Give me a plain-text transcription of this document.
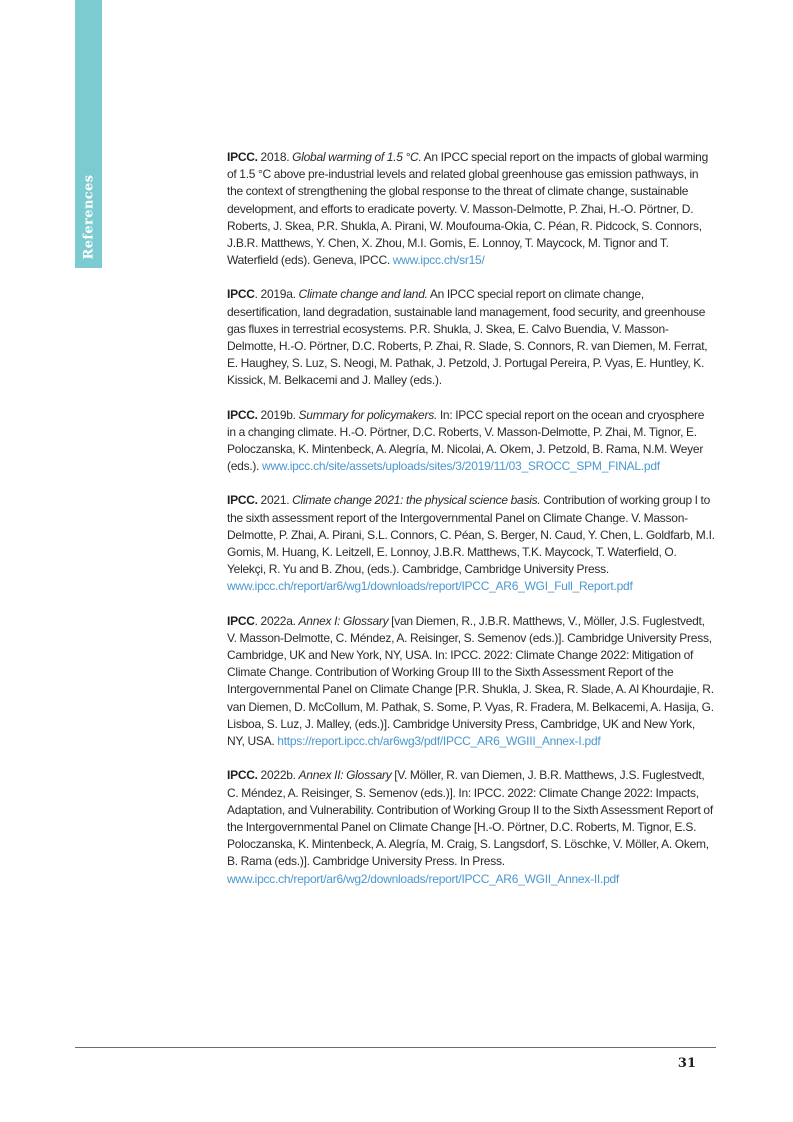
References

IPCC. 2018. Global warming of 1.5 °C. An IPCC special report on the impacts of global warming of 1.5 °C above pre-industrial levels and related global greenhouse gas emission pathways, in the context of strengthening the global response to the threat of climate change, sustainable development, and efforts to eradicate poverty. V. Masson-Delmotte, P. Zhai, H.-O. Pörtner, D. Roberts, J. Skea, P.R. Shukla, A. Pirani, W. Moufouma-Okia, C. Péan, R. Pidcock, S. Connors, J.B.R. Matthews, Y. Chen, X. Zhou, M.I. Gomis, E. Lonnoy, T. Maycock, M. Tignor and T. Waterfield (eds). Geneva, IPCC. www.ipcc.ch/sr15/

IPCC. 2019a. Climate change and land. An IPCC special report on climate change, desertification, land degradation, sustainable land management, food security, and greenhouse gas fluxes in terrestrial ecosystems. P.R. Shukla, J. Skea, E. Calvo Buendia, V. Masson-Delmotte, H.-O. Pörtner, D.C. Roberts, P. Zhai, R. Slade, S. Connors, R. van Diemen, M. Ferrat, E. Haughey, S. Luz, S. Neogi, M. Pathak, J. Petzold, J. Portugal Pereira, P. Vyas, E. Huntley, K. Kissick, M. Belkacemi and J. Malley (eds.).

IPCC. 2019b. Summary for policymakers. In: IPCC special report on the ocean and cryosphere in a changing climate. H.-O. Pörtner, D.C. Roberts, V. Masson-Delmotte, P. Zhai, M. Tignor, E. Poloczanska, K. Mintenbeck, A. Alegría, M. Nicolai, A. Okem, J. Petzold, B. Rama, N.M. Weyer (eds.). www.ipcc.ch/site/assets/uploads/sites/3/2019/11/03_SROCC_SPM_FINAL.pdf

IPCC. 2021. Climate change 2021: the physical science basis. Contribution of working group I to the sixth assessment report of the Intergovernmental Panel on Climate Change. V. Masson-Delmotte, P. Zhai, A. Pirani, S.L. Connors, C. Péan, S. Berger, N. Caud, Y. Chen, L. Goldfarb, M.I. Gomis, M. Huang, K. Leitzell, E. Lonnoy, J.B.R. Matthews, T.K. Maycock, T. Waterfield, O. Yelekçi, R. Yu and B. Zhou, (eds.). Cambridge, Cambridge University Press. www.ipcc.ch/report/ar6/wg1/downloads/report/IPCC_AR6_WGI_Full_Report.pdf

IPCC. 2022a. Annex I: Glossary [van Diemen, R., J.B.R. Matthews, V., Möller, J.S. Fuglestvedt, V. Masson-Delmotte, C. Méndez, A. Reisinger, S. Semenov (eds.)]. Cambridge University Press, Cambridge, UK and New York, NY, USA. In: IPCC. 2022: Climate Change 2022: Mitigation of Climate Change. Contribution of Working Group III to the Sixth Assessment Report of the Intergovernmental Panel on Climate Change [P.R. Shukla, J. Skea, R. Slade, A. Al Khourdajie, R. van Diemen, D. McCollum, M. Pathak, S. Some, P. Vyas, R. Fradera, M. Belkacemi, A. Hasija, G. Lisboa, S. Luz, J. Malley, (eds.)]. Cambridge University Press, Cambridge, UK and New York, NY, USA. https://report.ipcc.ch/ar6wg3/pdf/IPCC_AR6_WGIII_Annex-I.pdf

IPCC. 2022b. Annex II: Glossary [V. Möller, R. van Diemen, J. B.R. Matthews, J.S. Fuglestvedt, C. Méndez, A. Reisinger, S. Semenov (eds.)]. In: IPCC. 2022: Climate Change 2022: Impacts, Adaptation, and Vulnerability. Contribution of Working Group II to the Sixth Assessment Report of the Intergovernmental Panel on Climate Change [H.-O. Pörtner, D.C. Roberts, M. Tignor, E.S. Poloczanska, K. Mintenbeck, A. Alegría, M. Craig, S. Langsdorf, S. Löschke, V. Möller, A. Okem, B. Rama (eds.)]. Cambridge University Press. In Press. www.ipcc.ch/report/ar6/wg2/downloads/report/IPCC_AR6_WGII_Annex-II.pdf

31
